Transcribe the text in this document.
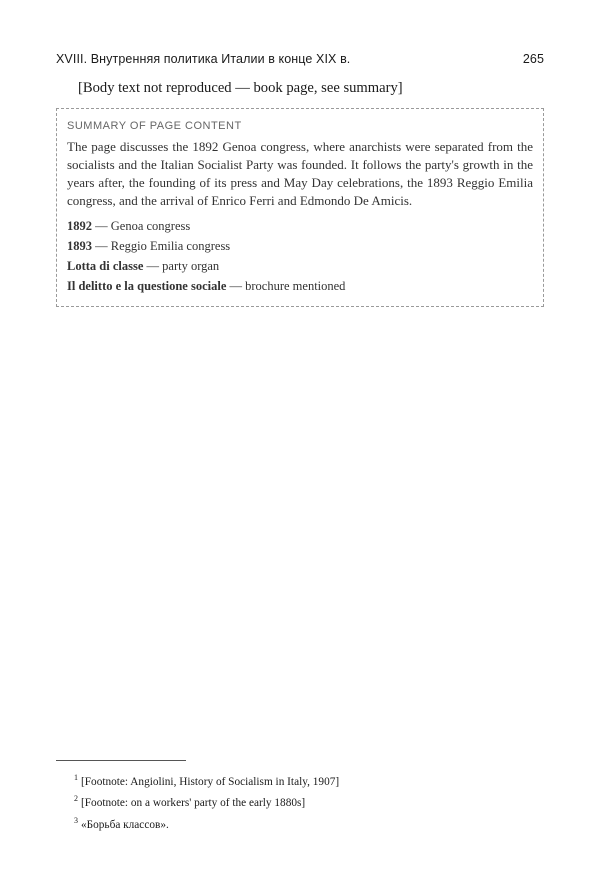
XVIII. Внутренняя политика Италии в конце XIX в.	265

[Body text not reproduced — book page, see summary]

SUMMARY OF PAGE CONTENT
The page discusses the 1892 Genoa congress, where anarchists were separated from the socialists and the Italian Socialist Party was founded. It follows the party's growth in the years after, the founding of its press and May Day celebrations, the 1893 Reggio Emilia congress, and the arrival of Enrico Ferri and Edmondo De Amicis.
1892 — Genoa congress
1893 — Reggio Emilia congress
Lotta di classe — party organ
Il delitto e la questione sociale — brochure mentioned

$^1$ [Footnote: Angiolini, History of Socialism in Italy, 1907]

$^2$ [Footnote: on a workers' party of the early 1880s]

$^3$ «Борьба классов».
